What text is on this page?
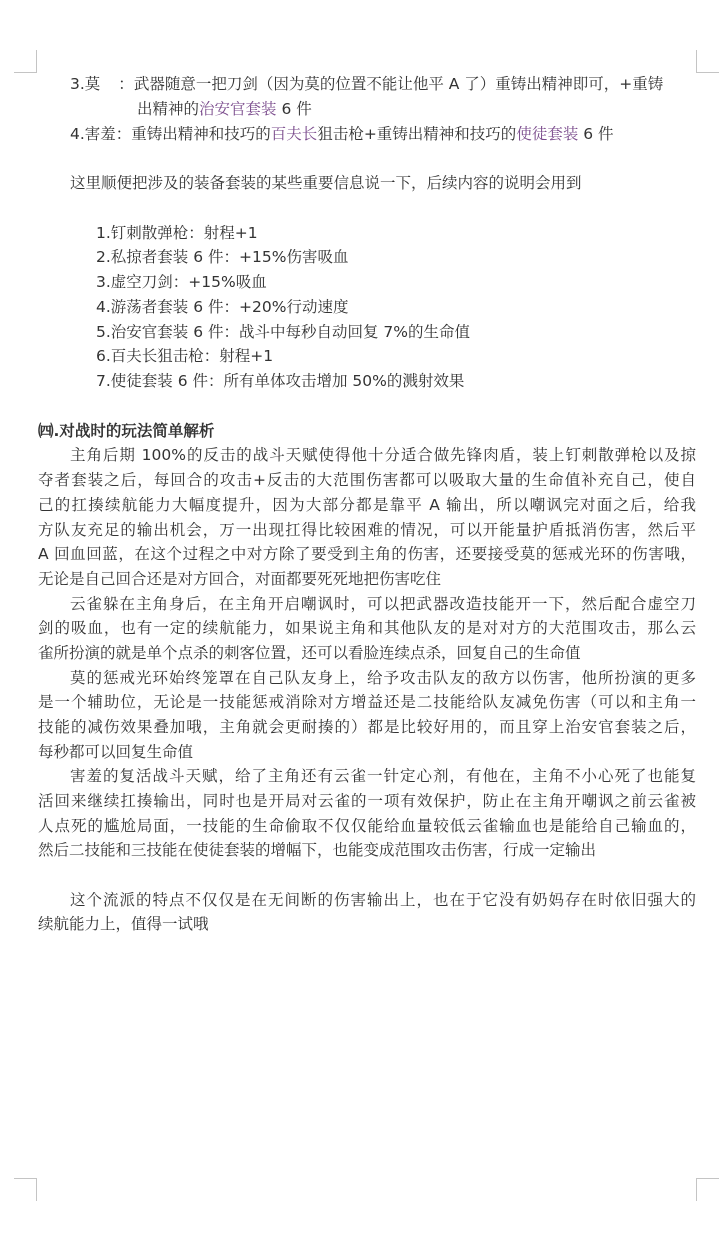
3.莫 ：武器随意一把刀剑（因为莫的位置不能让他平 A 了）重铸出精神即可，+重铸
出精神的治安官套装 6 件
4.害羞：重铸出精神和技巧的百夫长狙击枪+重铸出精神和技巧的使徒套装 6 件
这里顺便把涉及的装备套装的某些重要信息说一下，后续内容的说明会用到
1.钉刺散弹枪：射程+1
2.私掠者套装 6 件：+15%伤害吸血
3.虚空刀剑：+15%吸血
4.游荡者套装 6 件：+20%行动速度
5.治安官套装 6 件：战斗中每秒自动回复 7%的生命值
6.百夫长狙击枪：射程+1
7.使徒套装 6 件：所有单体攻击增加 50%的溅射效果
㈣.对战时的玩法简单解析
主角后期 100%的反击的战斗天赋使得他十分适合做先锋肉盾，装上钉刺散弹枪以及掠
夺者套装之后，每回合的攻击+反击的大范围伤害都可以吸取大量的生命值补充自己，使自
己的扛揍续航能力大幅度提升，因为大部分都是靠平 A 输出，所以嘲讽完对面之后，给我
方队友充足的输出机会，万一出现扛得比较困难的情况，可以开能量护盾抵消伤害，然后平
A 回血回蓝，在这个过程之中对方除了要受到主角的伤害，还要接受莫的惩戒光环的伤害哦，
无论是自己回合还是对方回合，对面都要死死地把伤害吃住
云雀躲在主角身后，在主角开启嘲讽时，可以把武器改造技能开一下，然后配合虚空刀
剑的吸血，也有一定的续航能力，如果说主角和其他队友的是对对方的大范围攻击，那么云
雀所扮演的就是单个点杀的刺客位置，还可以看脸连续点杀，回复自己的生命值
莫的惩戒光环始终笼罩在自己队友身上，给予攻击队友的敌方以伤害，他所扮演的更多
是一个辅助位，无论是一技能惩戒消除对方增益还是二技能给队友减免伤害（可以和主角一
技能的减伤效果叠加哦，主角就会更耐揍的）都是比较好用的，而且穿上治安官套装之后，
每秒都可以回复生命值
害羞的复活战斗天赋，给了主角还有云雀一针定心剂，有他在，主角不小心死了也能复
活回来继续扛揍输出，同时也是开局对云雀的一项有效保护，防止在主角开嘲讽之前云雀被
人点死的尴尬局面，一技能的生命偷取不仅仅能给血量较低云雀输血也是能给自己输血的，
然后二技能和三技能在使徒套装的增幅下，也能变成范围攻击伤害，行成一定输出
这个流派的特点不仅仅是在无间断的伤害输出上，也在于它没有奶妈存在时依旧强大的
续航能力上，值得一试哦
